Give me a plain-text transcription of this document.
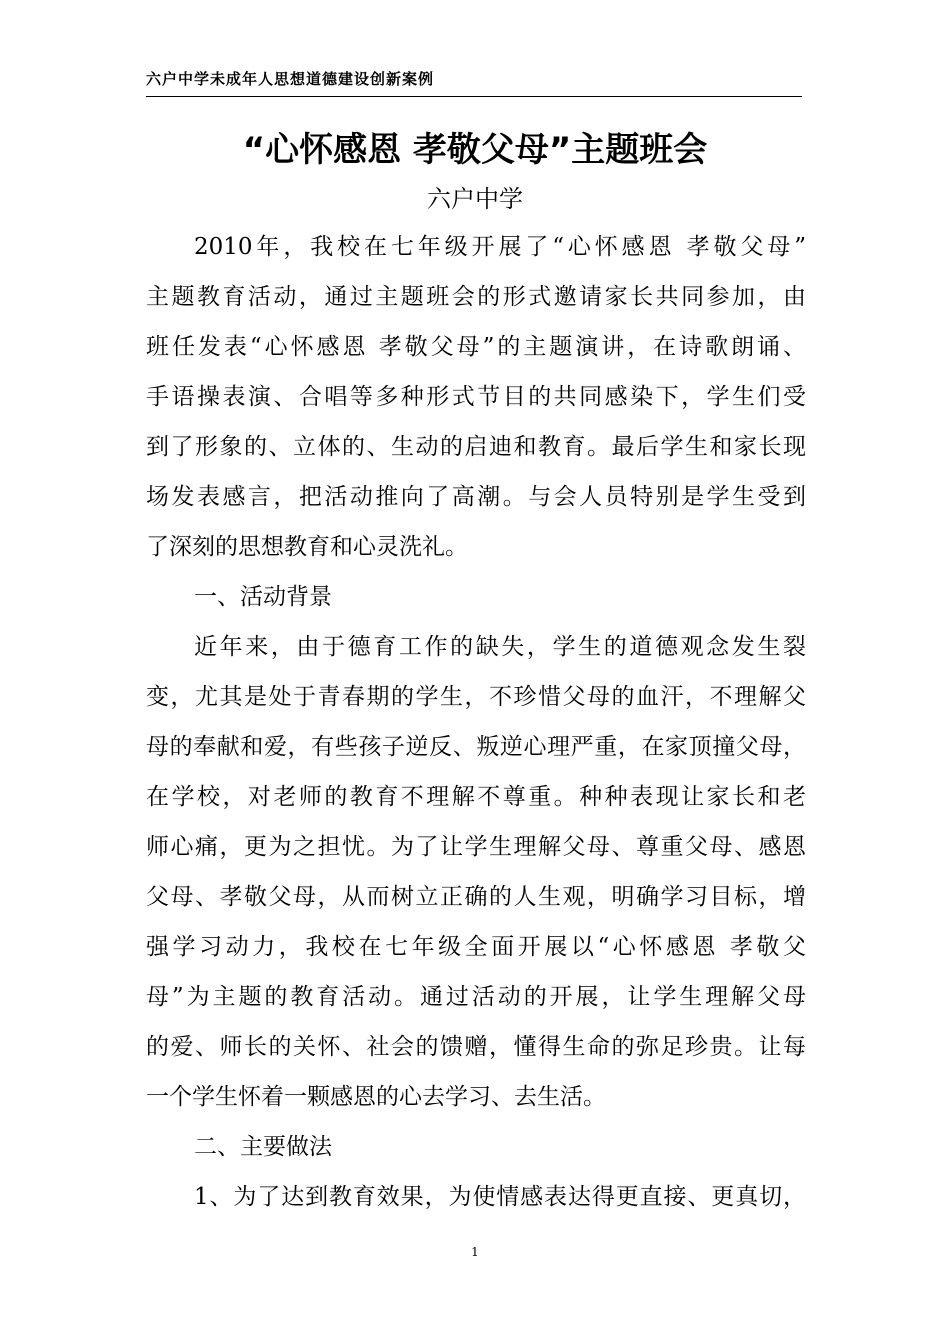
六户中学未成年人思想道德建设创新案例
“心怀感恩 孝敬父母”主题班会
六户中学
2010年，我校在七年级开展了“心怀感恩 孝敬父母”
主题教育活动，通过主题班会的形式邀请家长共同参加，由
班任发表“心怀感恩 孝敬父母”的主题演讲，在诗歌朗诵、
手语操表演、合唱等多种形式节目的共同感染下，学生们受
到了形象的、立体的、生动的启迪和教育。最后学生和家长现
场发表感言，把活动推向了高潮。与会人员特别是学生受到
了深刻的思想教育和心灵洗礼。
一、活动背景
近年来，由于德育工作的缺失，学生的道德观念发生裂
变，尤其是处于青春期的学生，不珍惜父母的血汗，不理解父
母的奉献和爱，有些孩子逆反、叛逆心理严重，在家顶撞父母，
在学校，对老师的教育不理解不尊重。种种表现让家长和老
师心痛，更为之担忧。为了让学生理解父母、尊重父母、感恩
父母、孝敬父母，从而树立正确的人生观，明确学习目标，增
强学习动力，我校在七年级全面开展以“心怀感恩 孝敬父
母”为主题的教育活动。通过活动的开展，让学生理解父母
的爱、师长的关怀、社会的馈赠，懂得生命的弥足珍贵。让每
一个学生怀着一颗感恩的心去学习、去生活。
二、主要做法
1、为了达到教育效果，为使情感表达得更直接、更真切，
1
